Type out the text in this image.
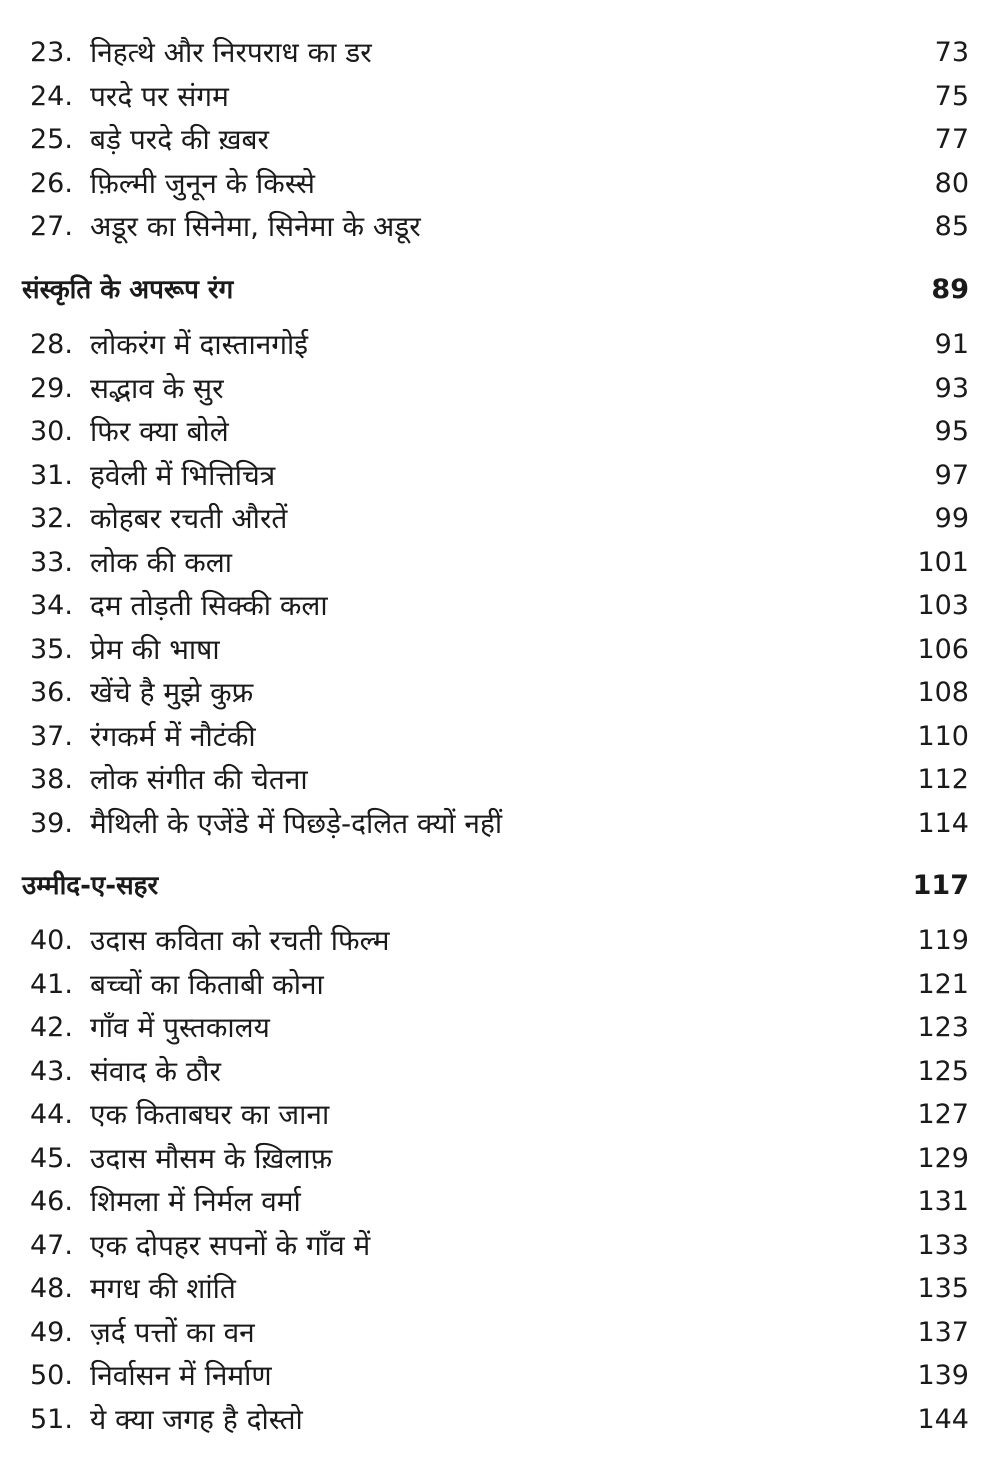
23. निहत्थे और निरपराध का डर	73
24. परदे पर संगम	75
25. बड़े परदे की ख़बर	77
26. फ़िल्मी जुनून के किस्से	80
27. अडूर का सिनेमा, सिनेमा के अडूर	85
संस्कृति के अपरूप रंग	89
28. लोकरंग में दास्तानगोई	91
29. सद्भाव के सुर	93
30. फिर क्या बोले	95
31. हवेली में भित्तिचित्र	97
32. कोहबर रचती औरतें	99
33. लोक की कला	101
34. दम तोड़ती सिक्की कला	103
35. प्रेम की भाषा	106
36. खेंचे है मुझे कुफ्र	108
37. रंगकर्म में नौटंकी	110
38. लोक संगीत की चेतना	112
39. मैथिली के एजेंडे में पिछड़े-दलित क्यों नहीं	114
उम्मीद-ए-सहर	117
40. उदास कविता को रचती फिल्म	119
41. बच्चों का किताबी कोना	121
42. गाँव में पुस्तकालय	123
43. संवाद के ठौर	125
44. एक किताबघर का जाना	127
45. उदास मौसम के ख़िलाफ़	129
46. शिमला में निर्मल वर्मा	131
47. एक दोपहर सपनों के गाँव में	133
48. मगध की शांति	135
49. ज़र्द पत्तों का वन	137
50. निर्वासन में निर्माण	139
51. ये क्या जगह है दोस्तो	144
